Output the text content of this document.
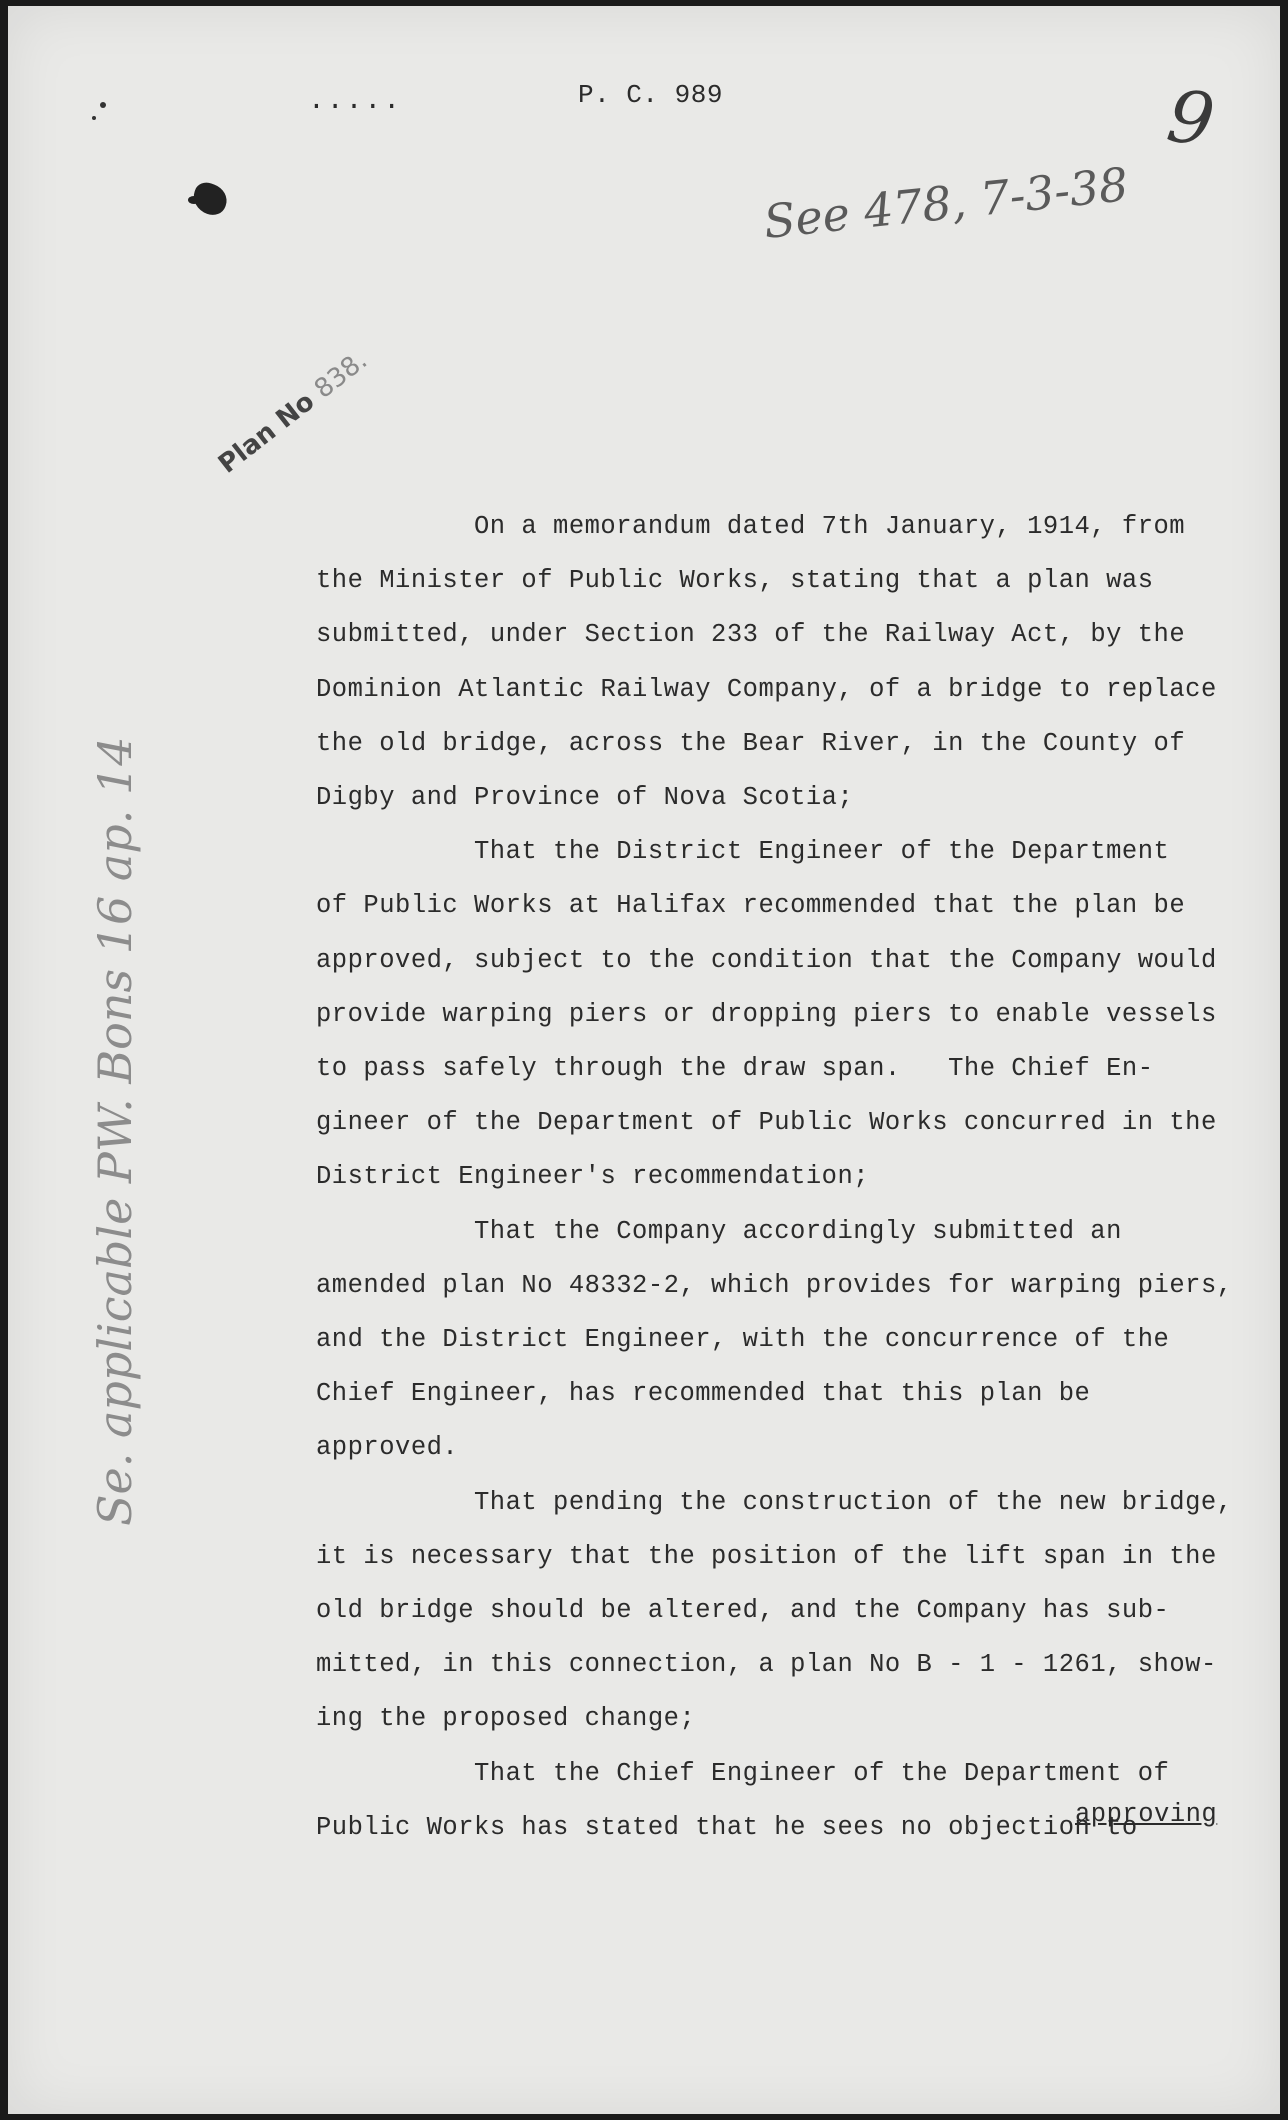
.....	P. C. 989	9
See 478, 7-3-38
Plan No 838.
Se. applicable PW. Bons 16 ap. 14

On a memorandum dated 7th January, 1914, from

the Minister of Public Works, stating that a plan was

submitted, under Section 233 of the Railway Act, by the

Dominion Atlantic Railway Company, of a bridge to replace

the old bridge, across the Bear River, in the County of

Digby and Province of Nova Scotia;

That the District Engineer of the Department

of Public Works at Halifax recommended that the plan be

approved, subject to the condition that the Company would

provide warping piers or dropping piers to enable vessels

to pass safely through the draw span.   The Chief En-

gineer of the Department of Public Works concurred in the

District Engineer's recommendation;

That the Company accordingly submitted an

amended plan No 48332-2, which provides for warping piers,

and the District Engineer, with the concurrence of the

Chief Engineer, has recommended that this plan be approved.

That pending the construction of the new bridge,

it is necessary that the position of the lift span in the

old bridge should be altered, and the Company has sub-

mitted, in this connection, a plan No B - 1 - 1261, show-

ing the proposed change;

That the Chief Engineer of the Department of

Public Works has stated that he sees no objection to

approving
